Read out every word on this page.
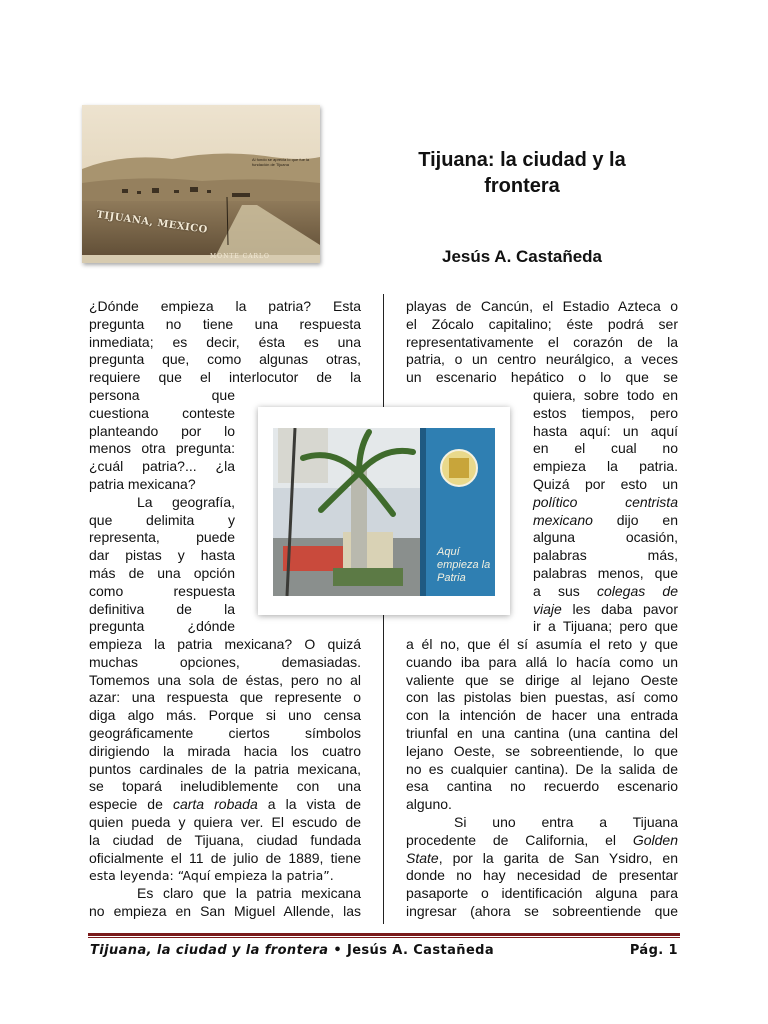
Al fondo se aprecia lo que fue la fundación de Tijuana
TIJUANA, MEXICO
MONTE CARLO
Tijuana: la ciudad y la frontera
Jesús A. Castañeda
¿Dónde empieza la patria? Esta
pregunta no tiene una respuesta
inmediata; es decir, ésta es una
pregunta que, como algunas otras,
requiere que el interlocutor de la
persona que
cuestiona conteste
planteando por lo
menos otra pregunta:
¿cuál patria?... ¿la
patria mexicana?
La geografía,
que delimita y
representa, puede
dar pistas y hasta
más de una opción
como respuesta
definitiva de la
pregunta ¿dónde
empieza la patria mexicana? O quizá
muchas opciones, demasiadas.
Tomemos una sola de éstas, pero no al
azar: una respuesta que represente o
diga algo más. Porque si uno censa
geográficamente ciertos símbolos
dirigiendo la mirada hacia los cuatro
puntos cardinales de la patria mexicana,
se topará ineludiblemente con una
especie de carta robada a la vista de
quien pueda y quiera ver. El escudo de
la ciudad de Tijuana, ciudad fundada
oficialmente el 11 de julio de 1889, tiene
esta leyenda: “Aquí empieza la patria”.
Es claro que la patria mexicana
no empieza en San Miguel Allende, las
Aquí empieza la Patria
playas de Cancún, el Estadio Azteca o
el Zócalo capitalino; éste podrá ser
representativamente el corazón de la
patria, o un centro neurálgico, a veces
un escenario hepático o lo que se
quiera, sobre todo en
estos tiempos, pero
hasta aquí: un aquí
en el cual no
empieza la patria.
Quizá por esto un
político centrista
mexicano dijo en
alguna ocasión,
palabras más,
palabras menos, que
a sus colegas de
viaje les daba pavor
ir a Tijuana; pero que
a él no, que él sí asumía el reto y que
cuando iba para allá lo hacía como un
valiente que se dirige al lejano Oeste
con las pistolas bien puestas, así como
con la intención de hacer una entrada
triunfal en una cantina (una cantina del
lejano Oeste, se sobreentiende, lo que
no es cualquier cantina). De la salida de
esa cantina no recuerdo escenario
alguno.
Si uno entra a Tijuana
procedente de California, el Golden
State, por la garita de San Ysidro, en
donde no hay necesidad de presentar
pasaporte o identificación alguna para
ingresar (ahora se sobreentiende que
Tijuana, la ciudad y la frontera • Jesús A. Castañeda	Pág. 1
